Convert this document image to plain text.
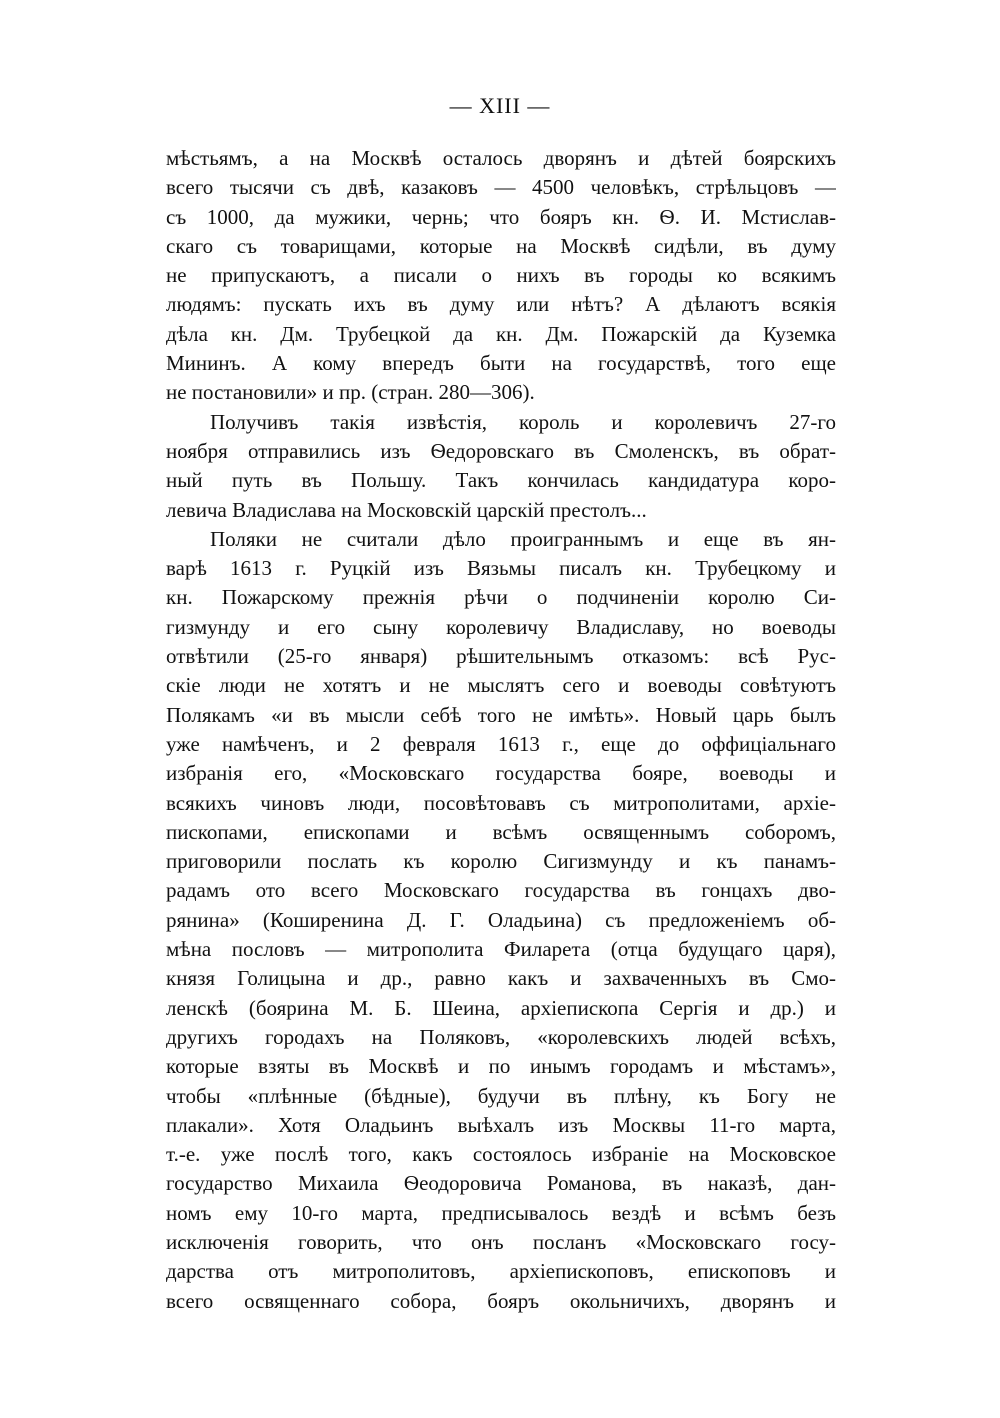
— XIII —
мѣстьямъ, а на Москвѣ осталось дворянъ и дѣтей боярскихъ
всего тысячи съ двѣ, казаковъ — 4500 человѣкъ, стрѣльцовъ —
съ 1000, да мужики, чернь; что бояръ кн. Ѳ. И. Мстислав-
скаго съ товарищами, которые на Москвѣ сидѣли, въ думу
не припускаютъ, а писали о нихъ въ городы ко всякимъ
людямъ: пускать ихъ въ думу или нѣтъ? А дѣлаютъ всякія
дѣла кн. Дм. Трубецкой да кн. Дм. Пожарскій да Куземка
Мининъ. А кому впередъ быти на государствѣ, того еще
не постановили» и пр. (стран. 280—306).
Получивъ такія извѣстія, король и королевичъ 27-го
ноября отправились изъ Ѳедоровскаго въ Смоленскъ, въ обрат-
ный путь въ Польшу. Такъ кончилась кандидатура коро-
левича Владислава на Московскій царскій престолъ...
Поляки не считали дѣло проиграннымъ и еще въ ян-
варѣ 1613 г. Руцкій изъ Вязьмы писалъ кн. Трубецкому и
кн. Пожарскому прежнія рѣчи о подчиненіи королю Си-
гизмунду и его сыну королевичу Владиславу, но воеводы
отвѣтили (25-го января) рѣшительнымъ отказомъ: всѣ Рус-
скіе люди не хотятъ и не мыслятъ сего и воеводы совѣтуютъ
Полякамъ «и въ мысли себѣ того не имѣть». Новый царь былъ
уже намѣченъ, и 2 февраля 1613 г., еще до оффиціальнаго
избранія его, «Московскаго государства бояре, воеводы и
всякихъ чиновъ люди, посовѣтовавъ съ митрополитами, архіе-
пископами, епископами и всѣмъ освященнымъ соборомъ,
приговорили послать къ королю Сигизмунду и къ панамъ-
радамъ ото всего Московскаго государства въ гонцахъ дво-
рянина» (Коширенина Д. Г. Оладьина) съ предложеніемъ об-
мѣна пословъ — митрополита Филарета (отца будущаго царя),
князя Голицына и др., равно какъ и захваченныхъ въ Смо-
ленскѣ (боярина М. Б. Шеина, архіепископа Сергія и др.) и
другихъ городахъ на Поляковъ, «королевскихъ людей всѣхъ,
которые взяты въ Москвѣ и по инымъ городамъ и мѣстамъ»,
чтобы «плѣнные (бѣдные), будучи въ плѣну, къ Богу не
плакали». Хотя Оладьинъ выѣхалъ изъ Москвы 11-го марта,
т.-е. уже послѣ того, какъ состоялось избраніе на Московское
государство Михаила Ѳеодоровича Романова, въ наказѣ, дан-
номъ ему 10-го марта, предписывалось вездѣ и всѣмъ безъ
исключенія говорить, что онъ посланъ «Московскаго госу-
дарства отъ митрополитовъ, архіепископовъ, епископовъ и
всего освященнаго собора, бояръ окольничихъ, дворянъ и
